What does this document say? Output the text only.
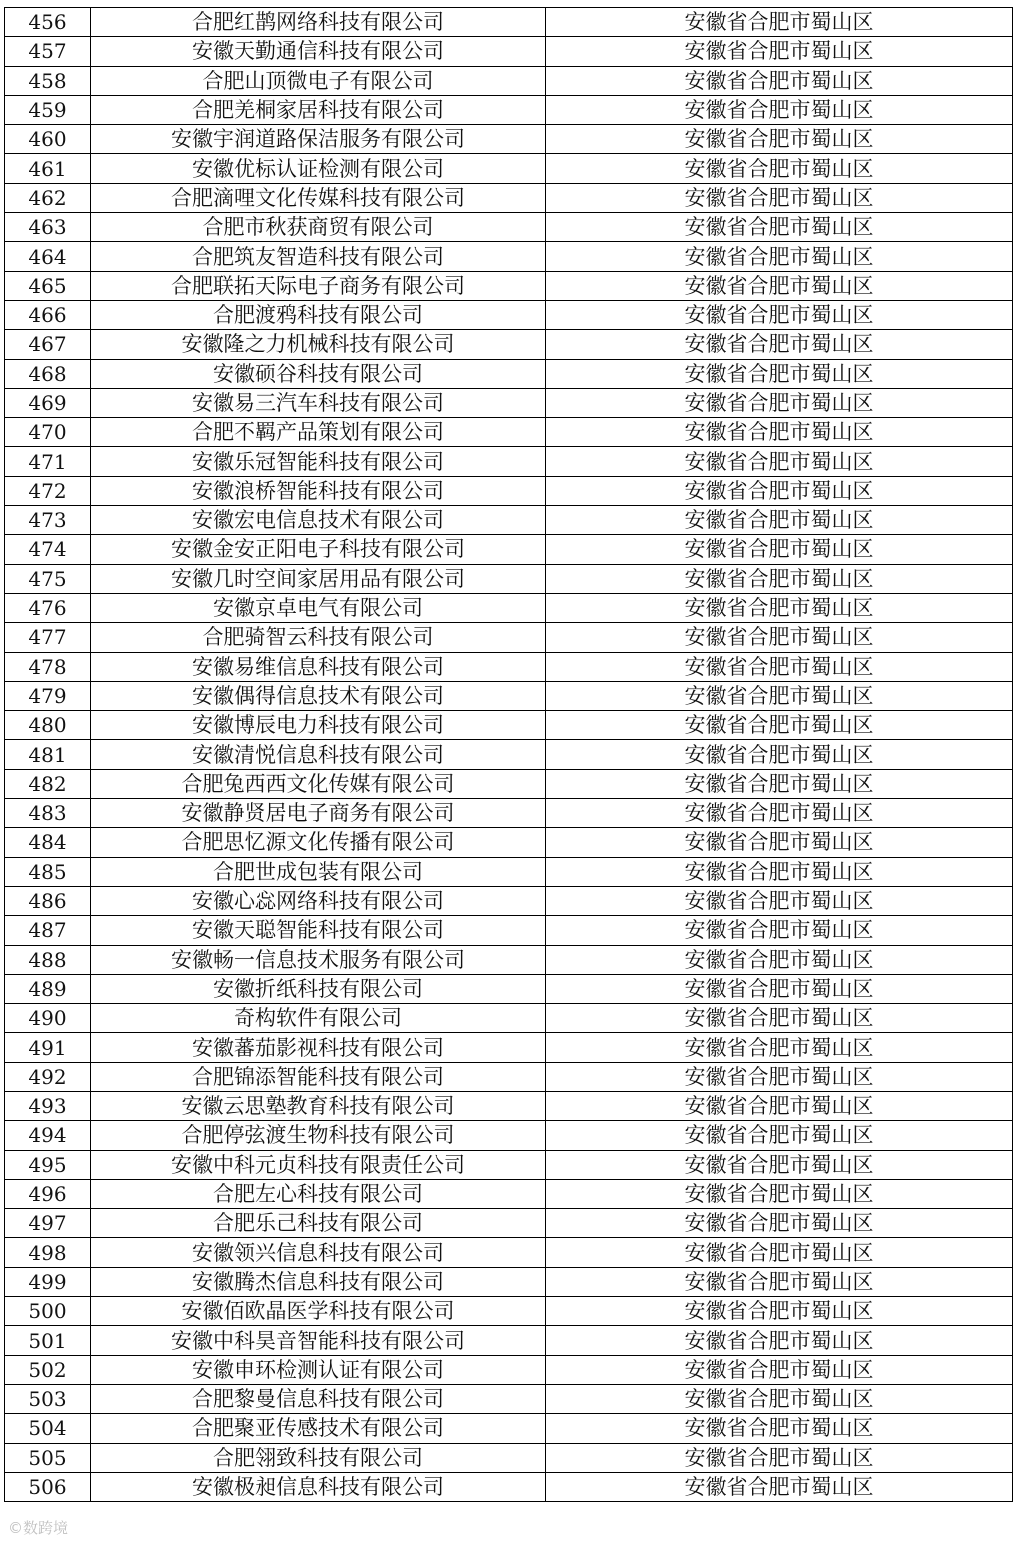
456	合肥红鹊网络科技有限公司	安徽省合肥市蜀山区
457	安徽天勤通信科技有限公司	安徽省合肥市蜀山区
458	合肥山顶微电子有限公司	安徽省合肥市蜀山区
459	合肥羌桐家居科技有限公司	安徽省合肥市蜀山区
460	安徽宇润道路保洁服务有限公司	安徽省合肥市蜀山区
461	安徽优标认证检测有限公司	安徽省合肥市蜀山区
462	合肥滴哩文化传媒科技有限公司	安徽省合肥市蜀山区
463	合肥市秋获商贸有限公司	安徽省合肥市蜀山区
464	合肥筑友智造科技有限公司	安徽省合肥市蜀山区
465	合肥联拓天际电子商务有限公司	安徽省合肥市蜀山区
466	合肥渡鸦科技有限公司	安徽省合肥市蜀山区
467	安徽隆之力机械科技有限公司	安徽省合肥市蜀山区
468	安徽硕谷科技有限公司	安徽省合肥市蜀山区
469	安徽易三汽车科技有限公司	安徽省合肥市蜀山区
470	合肥不羁产品策划有限公司	安徽省合肥市蜀山区
471	安徽乐冠智能科技有限公司	安徽省合肥市蜀山区
472	安徽浪桥智能科技有限公司	安徽省合肥市蜀山区
473	安徽宏电信息技术有限公司	安徽省合肥市蜀山区
474	安徽金安正阳电子科技有限公司	安徽省合肥市蜀山区
475	安徽几时空间家居用品有限公司	安徽省合肥市蜀山区
476	安徽京卓电气有限公司	安徽省合肥市蜀山区
477	合肥骑智云科技有限公司	安徽省合肥市蜀山区
478	安徽易维信息科技有限公司	安徽省合肥市蜀山区
479	安徽偶得信息技术有限公司	安徽省合肥市蜀山区
480	安徽博辰电力科技有限公司	安徽省合肥市蜀山区
481	安徽清悦信息科技有限公司	安徽省合肥市蜀山区
482	合肥兔西西文化传媒有限公司	安徽省合肥市蜀山区
483	安徽静贤居电子商务有限公司	安徽省合肥市蜀山区
484	合肥思忆源文化传播有限公司	安徽省合肥市蜀山区
485	合肥世成包装有限公司	安徽省合肥市蜀山区
486	安徽心惢网络科技有限公司	安徽省合肥市蜀山区
487	安徽天聪智能科技有限公司	安徽省合肥市蜀山区
488	安徽畅一信息技术服务有限公司	安徽省合肥市蜀山区
489	安徽折纸科技有限公司	安徽省合肥市蜀山区
490	奇构软件有限公司	安徽省合肥市蜀山区
491	安徽蕃茄影视科技有限公司	安徽省合肥市蜀山区
492	合肥锦添智能科技有限公司	安徽省合肥市蜀山区
493	安徽云思塾教育科技有限公司	安徽省合肥市蜀山区
494	合肥停弦渡生物科技有限公司	安徽省合肥市蜀山区
495	安徽中科元贞科技有限责任公司	安徽省合肥市蜀山区
496	合肥左心科技有限公司	安徽省合肥市蜀山区
497	合肥乐己科技有限公司	安徽省合肥市蜀山区
498	安徽领兴信息科技有限公司	安徽省合肥市蜀山区
499	安徽腾杰信息科技有限公司	安徽省合肥市蜀山区
500	安徽佰欧晶医学科技有限公司	安徽省合肥市蜀山区
501	安徽中科昊音智能科技有限公司	安徽省合肥市蜀山区
502	安徽申环检测认证有限公司	安徽省合肥市蜀山区
503	合肥黎曼信息科技有限公司	安徽省合肥市蜀山区
504	合肥聚亚传感技术有限公司	安徽省合肥市蜀山区
505	合肥翎致科技有限公司	安徽省合肥市蜀山区
506	安徽极昶信息科技有限公司	安徽省合肥市蜀山区
©数跨境
